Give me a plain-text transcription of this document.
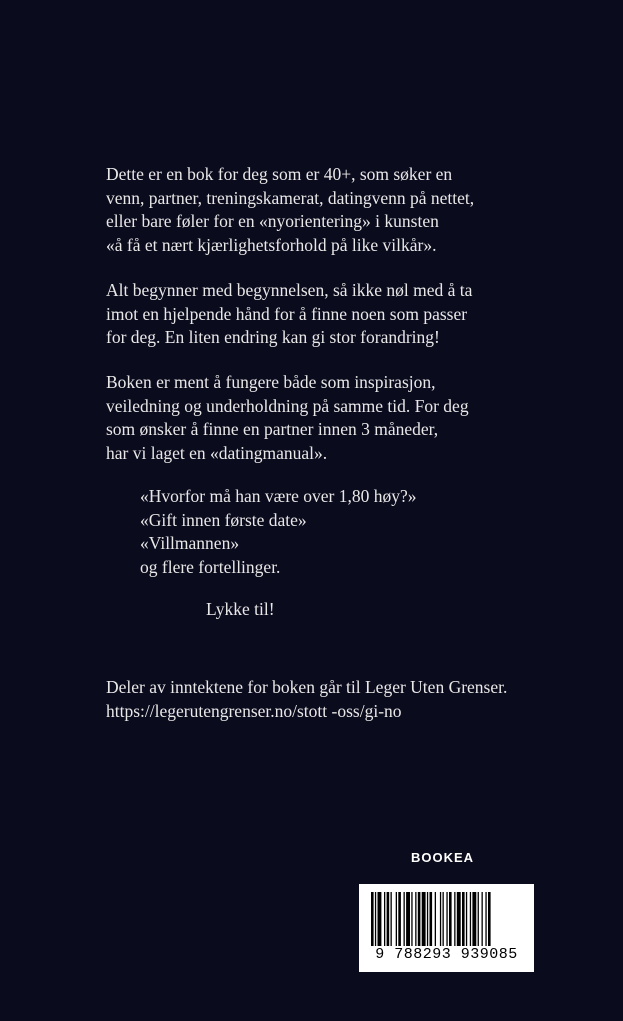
Dette er en bok for deg som er 40+, som søker en
venn, partner, treningskamerat, datingvenn på nettet,
eller bare føler for en «nyorientering» i kunsten
«å få et nært kjærlighetsforhold på like vilkår».
Alt begynner med begynnelsen, så ikke nøl med å ta
imot en hjelpende hånd for å finne noen som passer
for deg. En liten endring kan gi stor forandring!
Boken er ment å fungere både som inspirasjon,
veiledning og underholdning på samme tid. For deg
som ønsker å finne en partner innen 3 måneder,
har vi laget en «datingmanual».
«Hvorfor må han være over 1,80 høy?»
«Gift innen første date»
«Villmannen»
og flere fortellinger.
Lykke til!
Deler av inntektene for boken går til Leger Uten Grenser.
https://legerutengrenser.no/stott -oss/gi-no
BOOKEA
9 788293 939085
